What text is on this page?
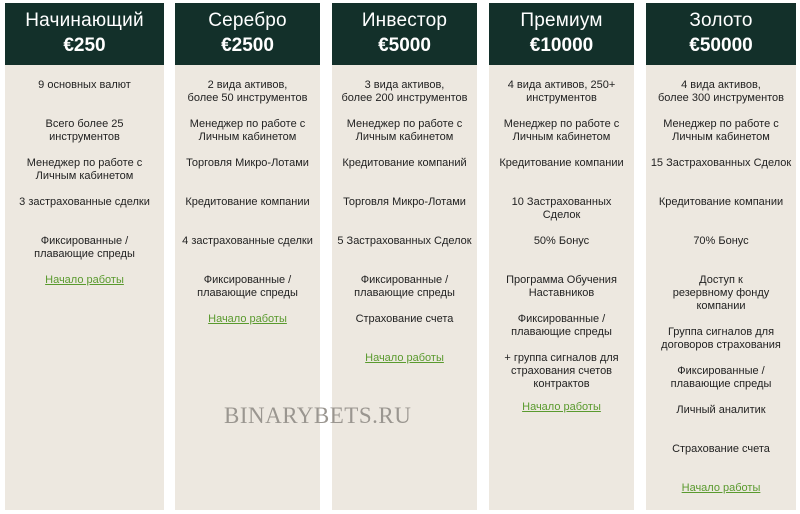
Начинающий
€250
9 основных валют
Всего более 25 инструментов
Менеджер по работе с
Личным кабинетом
3 застрахованные сделки
Фиксированные /
плавающие спреды
Начало работы
Серебро
€2500
2 вида активов,
более 50 инструментов
Менеджер по работе с
Личным кабинетом
Торговля Микро-Лотами
Кредитование компании
4 застрахованные сделки
Фиксированные /
плавающие спреды
Начало работы
Инвестор
€5000
3 вида активов,
более 200 инструментов
Менеджер по работе с
Личным кабинетом
Кредитование компаний
Торговля Микро-Лотами
5 Застрахованных Сделок
Фиксированные /
плавающие спреды
Страхование счета
Начало работы
Премиум
€10000
4 вида активов, 250+
инструментов
Менеджер по работе с
Личным кабинетом
Кредитование компании
10 Застрахованных Сделок
50% Бонус
Программа Обучения
Наставников
Фиксированные /
плавающие спреды
+ группа сигналов для
страхования счетов
контрактов
Начало работы
Золото
€50000
4 вида активов,
более 300 инструментов
Менеджер по работе с
Личным кабинетом
15 Застрахованных Сделок
Кредитование компании
70% Бонус
Доступ к
резервному фонду компании
Группа сигналов для
договоров страхования
Фиксированные /
плавающие спреды
Личный аналитик
Страхование счета
Начало работы
BINARYBETS.RU
